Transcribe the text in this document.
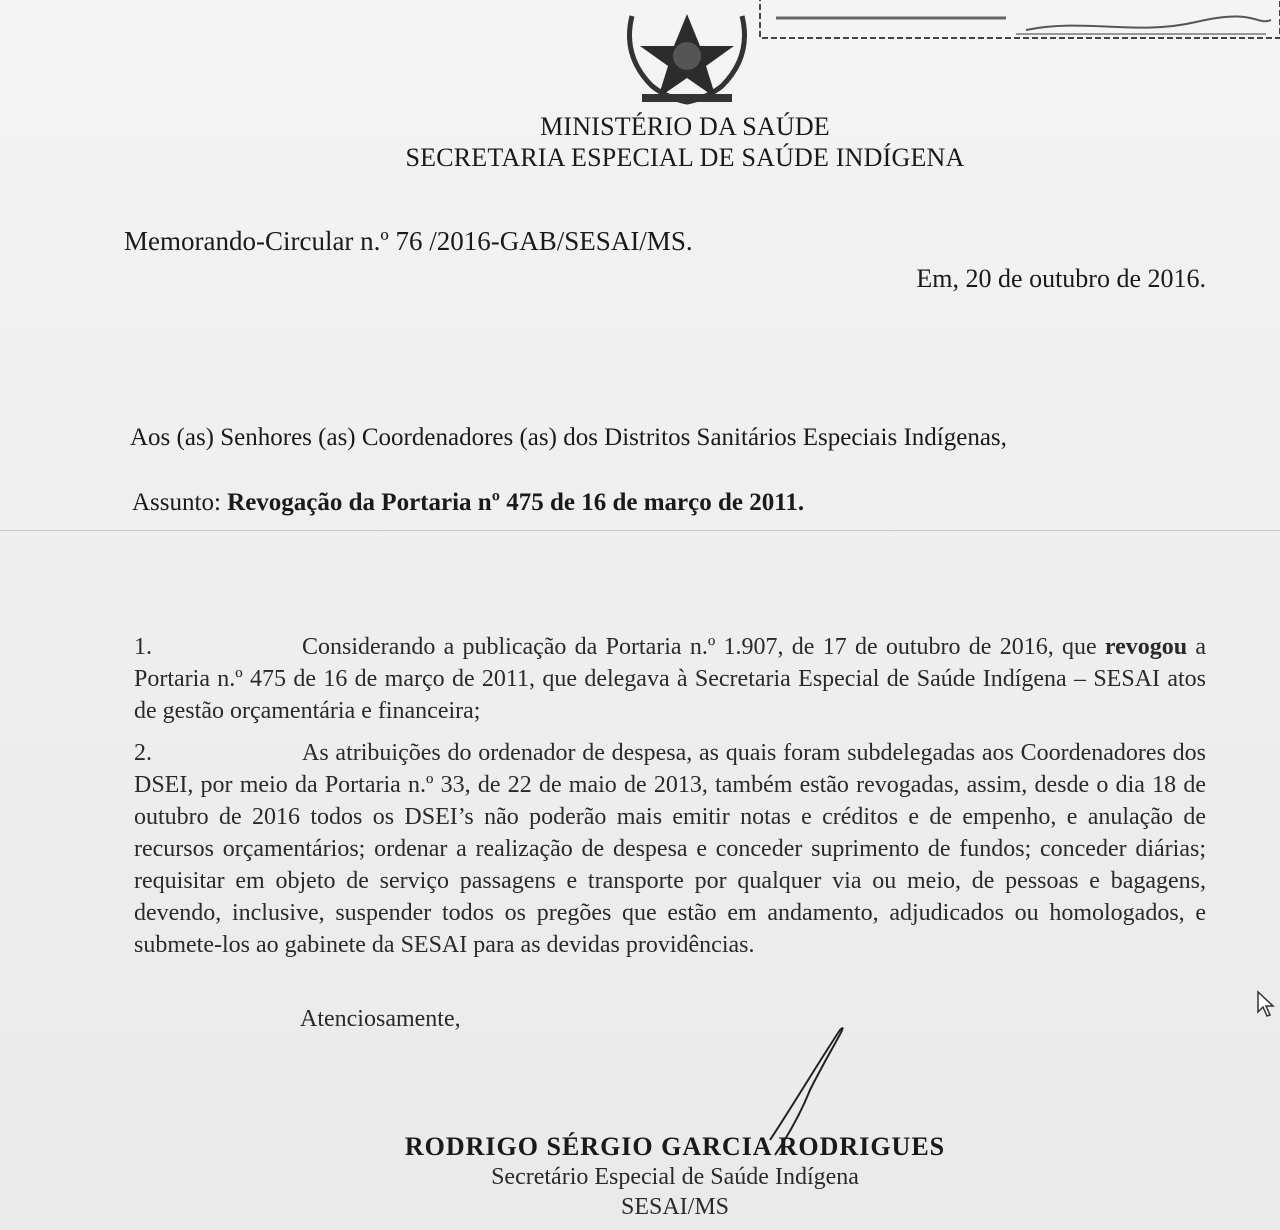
MINISTÉRIO DA SAÚDE
SECRETARIA ESPECIAL DE SAÚDE INDÍGENA
Memorando-Circular n.º 76 /2016-GAB/SESAI/MS.
Em, 20 de outubro de 2016.
Aos (as) Senhores (as) Coordenadores (as) dos Distritos Sanitários Especiais Indígenas,
Assunto: Revogação da Portaria nº 475 de 16 de março de 2011.
1.	Considerando a publicação da Portaria n.º 1.907, de 17 de outubro de 2016, que revogou a Portaria n.º 475 de 16 de março de 2011, que delegava à Secretaria Especial de Saúde Indígena – SESAI atos de gestão orçamentária e financeira;
2.	As atribuições do ordenador de despesa, as quais foram subdelegadas aos Coordenadores dos DSEI, por meio da Portaria n.º 33, de 22 de maio de 2013, também estão revogadas, assim, desde o dia 18 de outubro de 2016 todos os DSEI’s não poderão mais emitir notas e créditos e de empenho, e anulação de recursos orçamentários; ordenar a realização de despesa e conceder suprimento de fundos; conceder diárias; requisitar em objeto de serviço passagens e transporte por qualquer via ou meio, de pessoas e bagagens, devendo, inclusive, suspender todos os pregões que estão em andamento, adjudicados ou homologados, e submete-los ao gabinete da SESAI para as devidas providências.
Atenciosamente,
RODRIGO SÉRGIO GARCIA RODRIGUES
Secretário Especial de Saúde Indígena
SESAI/MS
